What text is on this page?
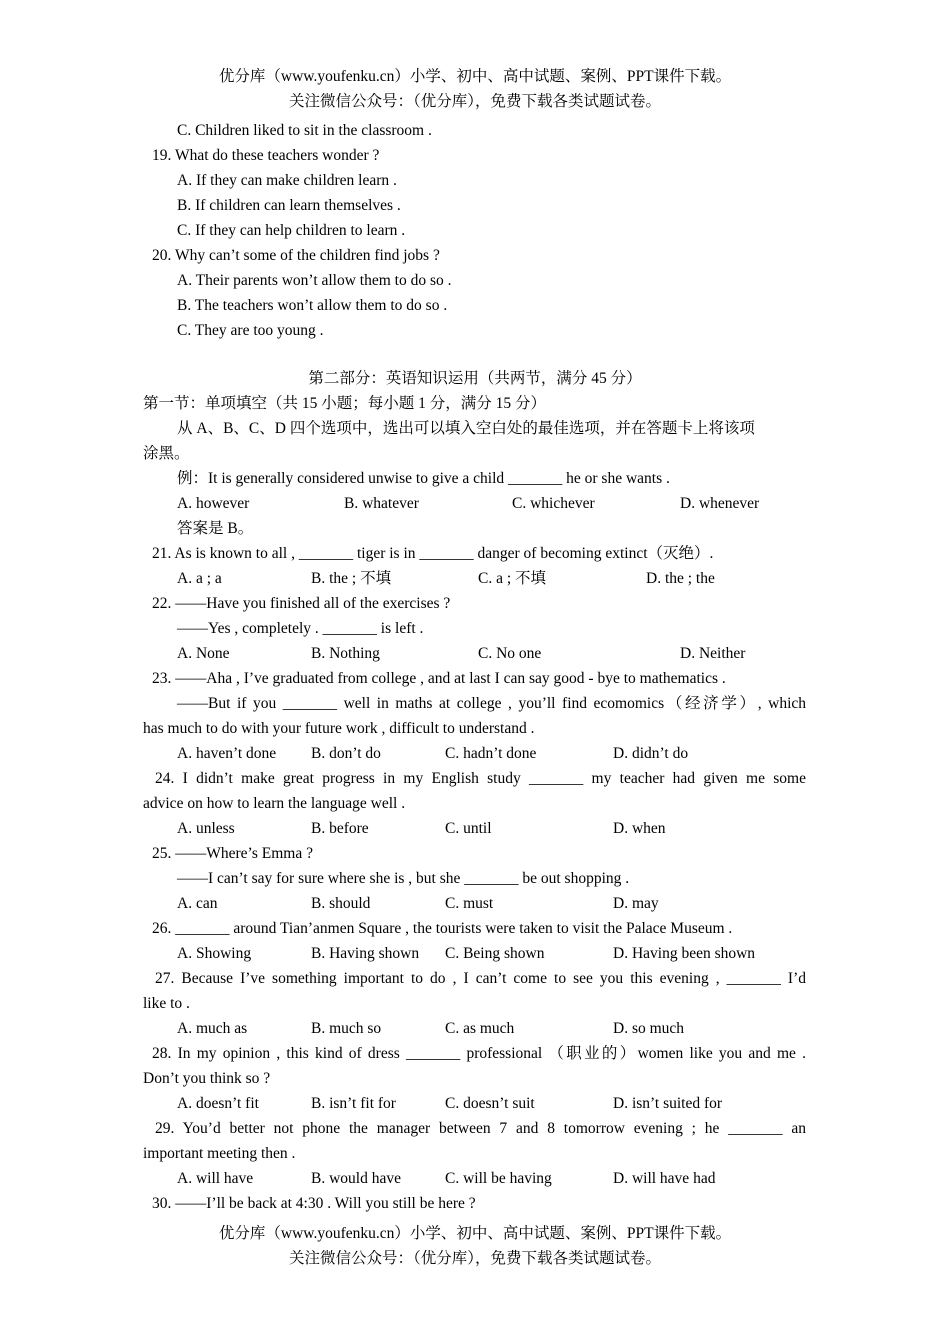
优分库（www.youfenku.cn）小学、初中、高中试题、案例、PPT课件下载。
关注微信公众号：（优分库），免费下载各类试题试卷。
C. Children liked to sit in the classroom .
19. What do these teachers wonder ?
A. If they can make children learn .
B. If children can learn themselves .
C. If they can help children to learn .
20. Why can’t some of the children find jobs ?
A. Their parents won’t allow them to do so .
B. The teachers won’t allow them to do so .
C. They are too young .
第二部分：英语知识运用（共两节，满分 45 分）
第一节：单项填空（共 15 小题；每小题 1 分，满分 15 分）
从 A、B、C、D 四个选项中，选出可以填入空白处的最佳选项，并在答题卡上将该项
涂黑。
例：It is generally considered unwise to give a child _______ he or she wants .
A. however	B. whatever	C. whichever	D. whenever
答案是 B。
21. As is known to all , _______ tiger is in _______ danger of becoming extinct（灭绝）.
A. a ; a	B. the ; 不填	C. a ; 不填	D. the ; the
22. ——Have you finished all of the exercises ?
——Yes , completely . _______ is left .
A. None	B. Nothing	C. No one	D. Neither
23. ——Aha , I’ve graduated from college , and at last I can say good - bye to mathematics .
——But if you _______ well in maths at college , you’ll find ecomomics（经济学）, which
has much to do with your future work , difficult to understand .
A. haven’t done B. don’t do	C. hadn’t done	D. didn’t do
24. I didn’t make great progress in my English study _______ my teacher had given me some
advice on how to learn the language well .
A. unless	B. before	C. until	D. when
25. ——Where’s Emma ?
——I can’t say for sure where she is , but she _______ be out shopping .
A. can	B. should	C. must	D. may
26. _______ around Tian’anmen Square , the tourists were taken to visit the Palace Museum .
A. Showing	B. Having shown C. Being shown	D. Having been shown
27. Because I’ve something important to do , I can’t come to see you this evening , _______ I’d
like to .
A. much as	B. much so	C. as much	D. so much
28. In my opinion , this kind of dress _______ professional （职业的）women like you and me .
Don’t you think so ?
A. doesn’t fit	B. isn’t fit for	C. doesn’t suit	D. isn’t suited for
29. You’d better not phone the manager between 7 and 8 tomorrow evening ; he _______ an
important meeting then .
A. will have	B. would have	C. will be having	D. will have had
30. ——I’ll be back at 4:30 . Will you still be here ?
优分库（www.youfenku.cn）小学、初中、高中试题、案例、PPT课件下载。
关注微信公众号：（优分库），免费下载各类试题试卷。
